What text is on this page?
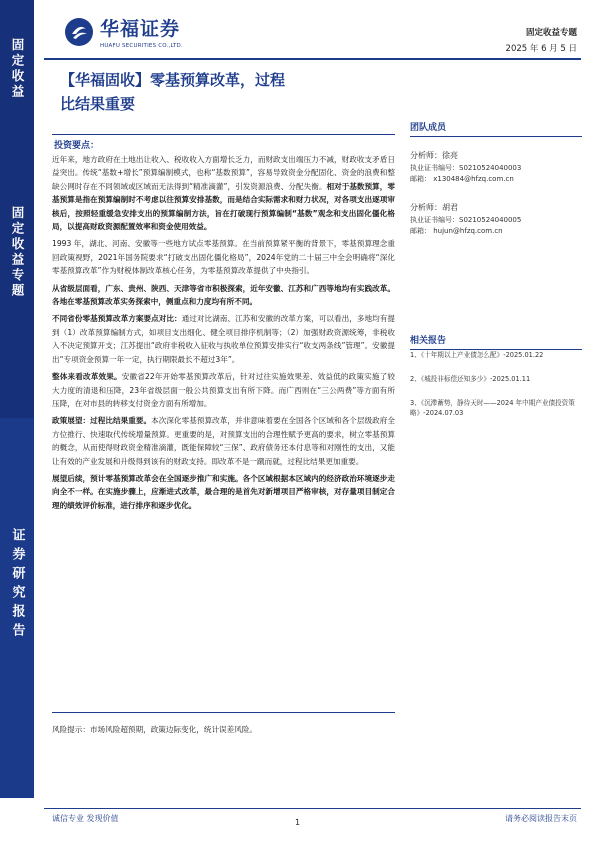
固定收益
固定收益专题
证券研究报告
华福证券
HUAFU SECURITIES CO.,LTD.
固定收益专题
2025 年 6 月 5 日
【华福固收】零基预算改革，过程
比结果重要
投资要点：

近年来，地方政府在土地出让收入、税收收入方面增长乏力，而财政支出端压力不减，财政收支矛盾日益突出。传统“基数+增长”预算编制模式，也称“基数预算”，容易导致资金分配固化、资金的浪费和整缺公网时存在不同领域或区域而无法得到“精准滴灌”，引发资源浪费、分配失衡。相对于基数预算，零基预算是指在预算编制时不考虑以往预算安排基数，而是结合实际需求和财力状况，对各项支出逐项审核后，按照轻重缓急安排支出的预算编制方法，旨在打破现行预算编制“基数”观念和支出固化僵化格局，以提高财政资源配置效率和资金使用效益。

1993 年，湖北、河南、安徽等一些地方试点零基预算。在当前预算紧平衡的背景下，零基预算理念重回政策视野，2021年国务院要求“打破支出固化僵化格局”，2024年党的二十届三中全会明确将“深化零基预算改革”作为财税体制改革核心任务，为零基预算改革提供了中央指引。

从省级层面看，广东、贵州、陕西、天津等省市积极探索，近年安徽、江苏和广西等地均有实践改革。各地在零基预算改革实务探索中，侧重点和力度均有所不同。

不同省份零基预算改革方案要点对比：通过对比湖南、江苏和安徽的改革方案，可以看出，多地均有提到（1）改革预算编制方式，如项目支出细化、健全项目排序机制等；（2）加强财政资源统筹，非税收入不决定预算开支；江苏提出“政府非税收入征收与执收单位预算安排实行“收支两条线”管理”。安徽提出“专项资金预算一年一定，执行期限最长不超过3年”。

整体来看改革效果。安徽省22年开始零基预算改革后，针对过往实施效果差、效益低的政策实施了较大力度的清退和压降，23年省级层面一般公共预算支出有所下降。而广西则在“三公两费”等方面有所压降，在对市县的转移支付资金方面有所增加。

政策展望：过程比结果重要。本次深化零基预算改革，并非意味着要在全国各个区域和各个层级政府全方位推行、快速取代传统增量预算。更重要的是，对预算支出的合理性赋予更高的要求，树立零基预算的概念，从而使得财政资金精准滴灌，既能保障较“三保”、政府债务还本付息等和对刚性的支出，又能让有效的产业发展和升级得到该有的财政支持。即改革不是一蹴而就，过程比结果更加重要。

展望后续，预计零基预算改革会在全国逐步推广和实施。各个区域根据本区域内的经济政治环境逐步走向全不一样。在实施步骤上，应渐进式改革，最合理的是首先对新增项目严格审核，对存量项目制定合理的绩效评价标准，进行排序和逐步优化。

风险提示：市场风险超预期，政策边际变化，统计误差风险。
团队成员
分析师：徐亮
执业证书编号：S0210524040003
邮箱： x130484@hfzq.com.cn
分析师：胡君
执业证书编号：S0210524040005
邮箱： hujun@hfzq.com.cn
相关报告
1、《十年期以上产业债怎么配》-2025.01.22
2、《城投非标偿还知多少》-2025.01.11
3、《沉滞蓄势，静待天时——2024 年中期产业债投资策略》-2024.07.03
诚信专业 发现价值	1	请务必阅读报告末页
